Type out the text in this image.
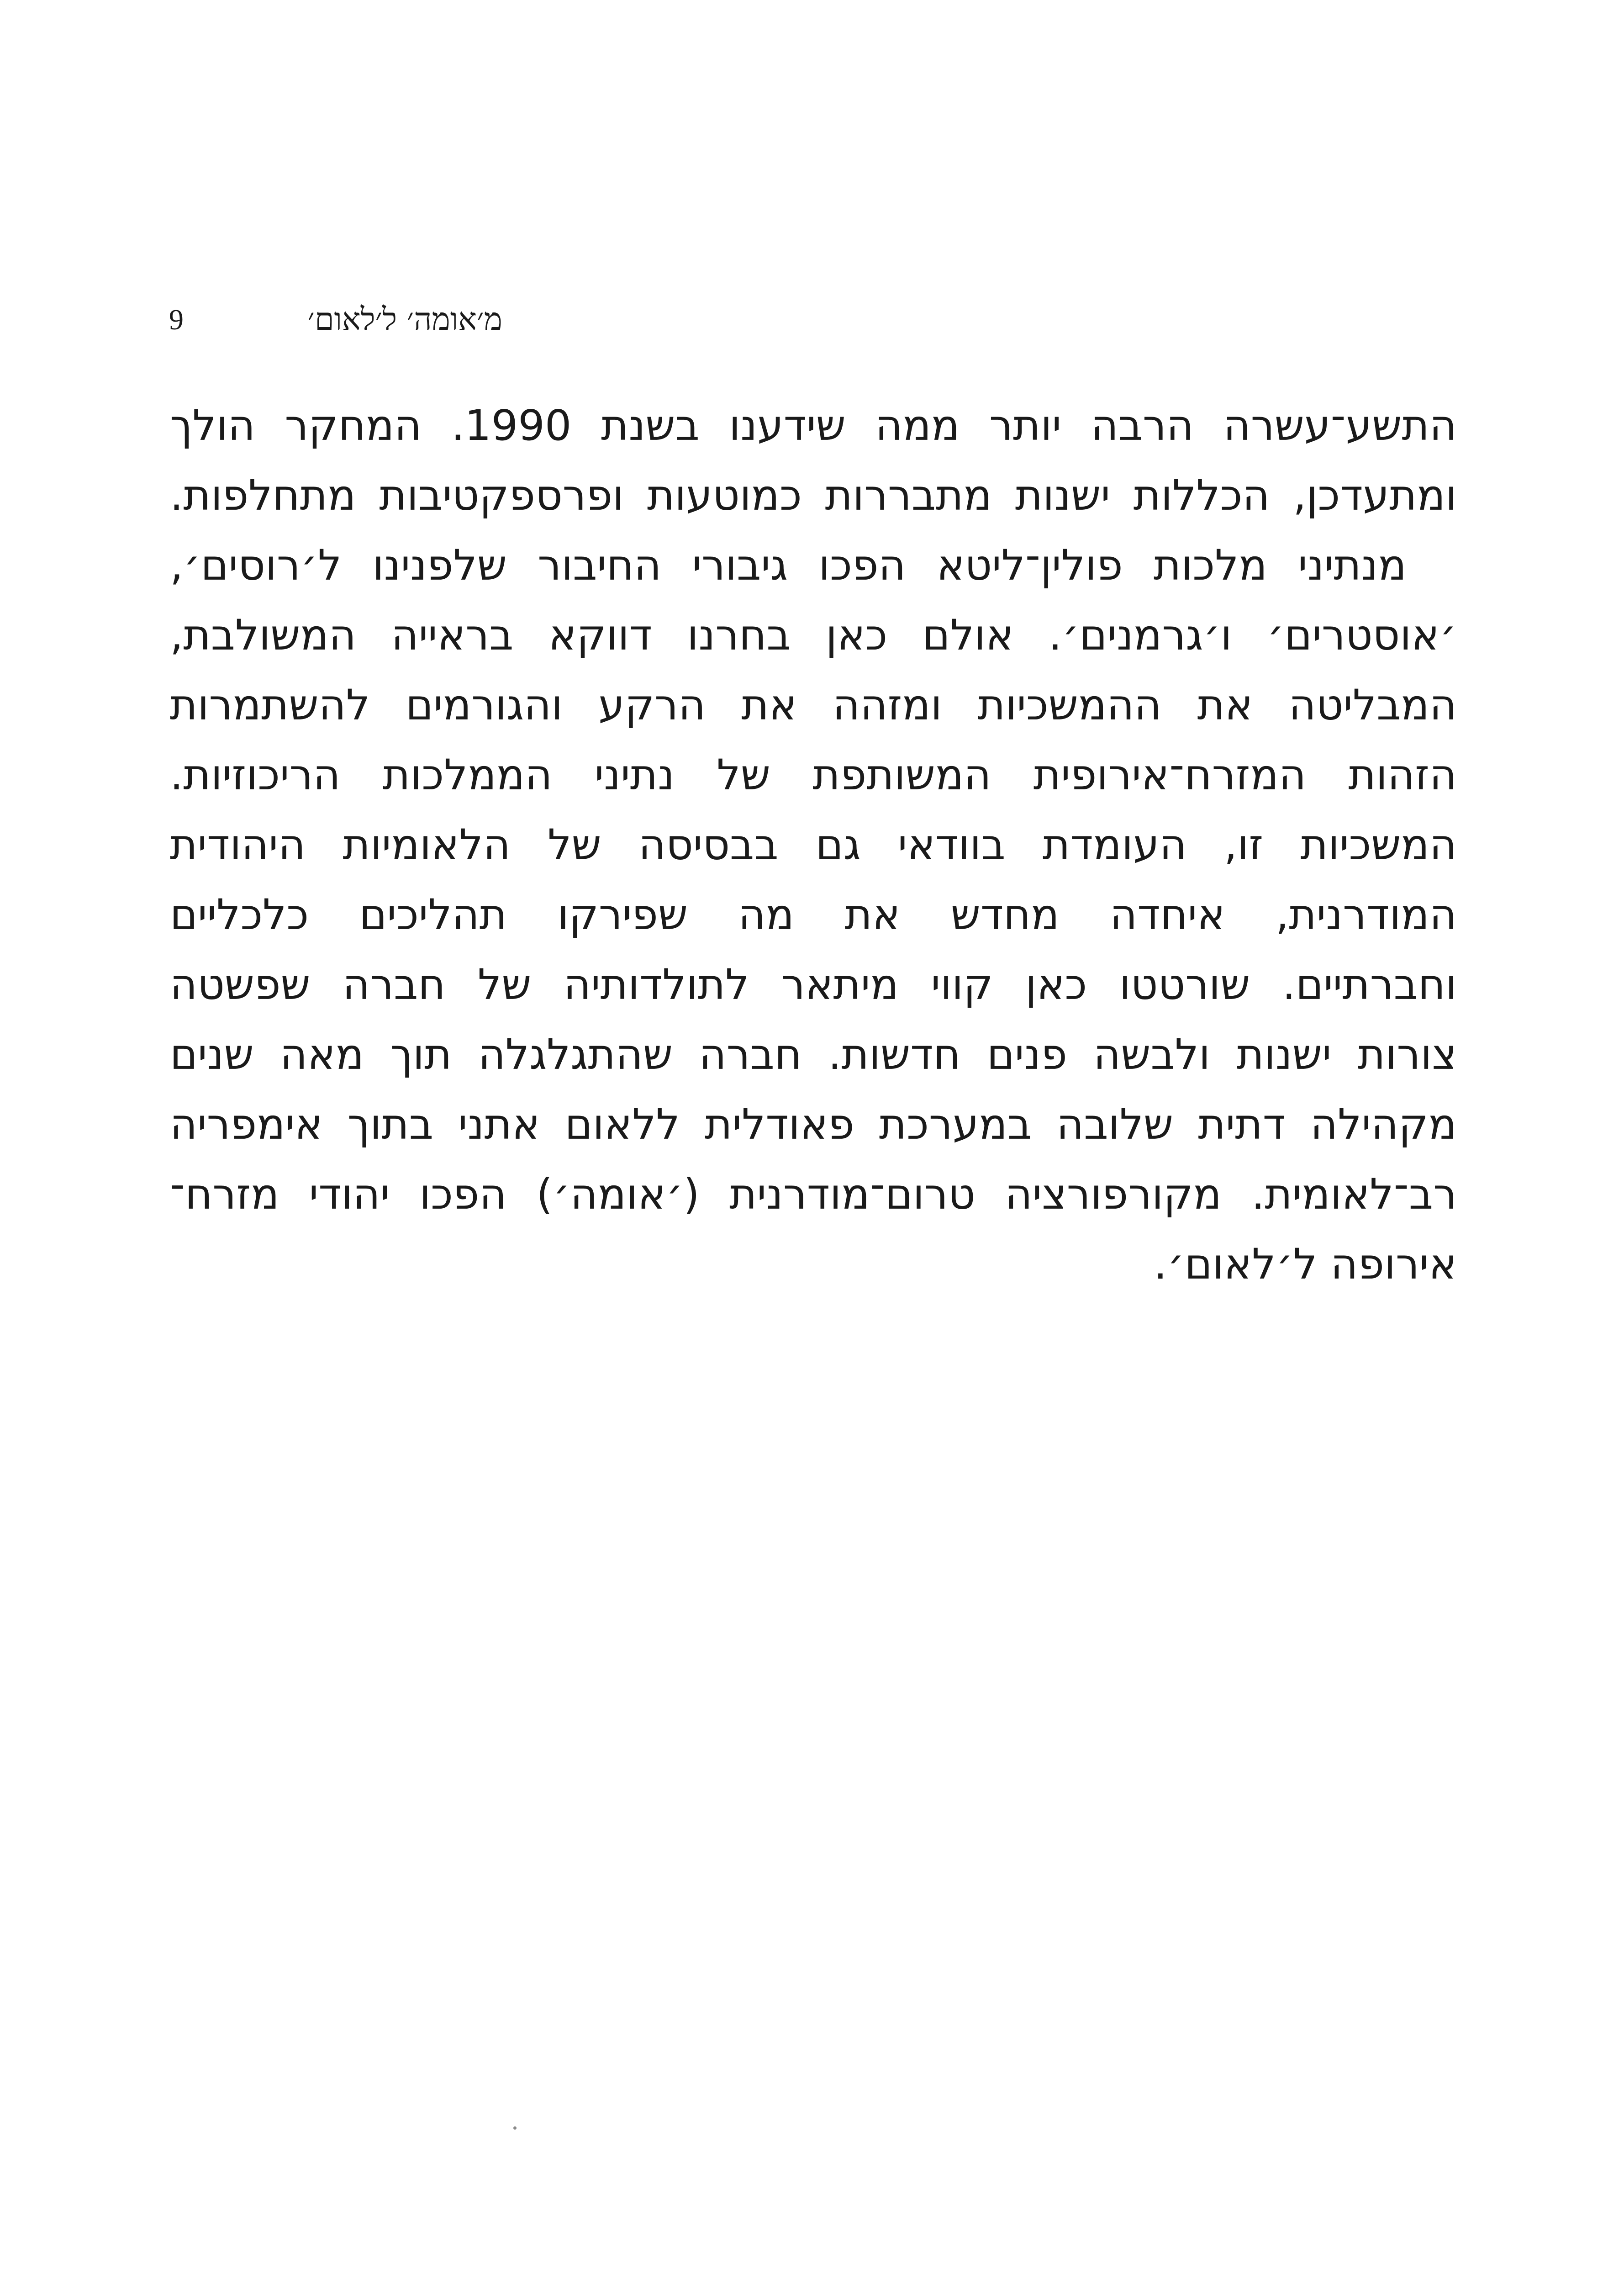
9	מ׳אומה׳ ל׳לאום׳
התשע־עשרה הרבה יותר ממה שידענו בשנת 1990. המחקר הולך
ומתעדכן, הכללות ישנות מתבררות כמוטעות ופרספקטיבות מתחלפות.
מנתיני מלכות פולין־ליטא הפכו גיבורי החיבור שלפנינו ל׳רוסים׳,
׳אוסטרים׳ ו׳גרמנים׳. אולם כאן בחרנו דווקא בראייה המשולבת,
המבליטה את ההמשכיות ומזהה את הרקע והגורמים להשתמרות
הזהות המזרח־אירופית המשותפת של נתיני הממלכות הריכוזיות.
המשכיות זו, העומדת בוודאי גם בבסיסה של הלאומיות היהודית
המודרנית, איחדה מחדש את מה שפירקו תהליכים כלכליים
וחברתיים. שורטטו כאן קווי מיתאר לתולדותיה של חברה שפשטה
צורות ישנות ולבשה פנים חדשות. חברה שהתגלגלה תוך מאה שנים
מקהילה דתית שלובה במערכת פאודלית ללאום אתני בתוך אימפריה
רב־לאומית. מקורפורציה טרום־מודרנית (׳אומה׳) הפכו יהודי מזרח־
אירופה ל׳לאום׳.
